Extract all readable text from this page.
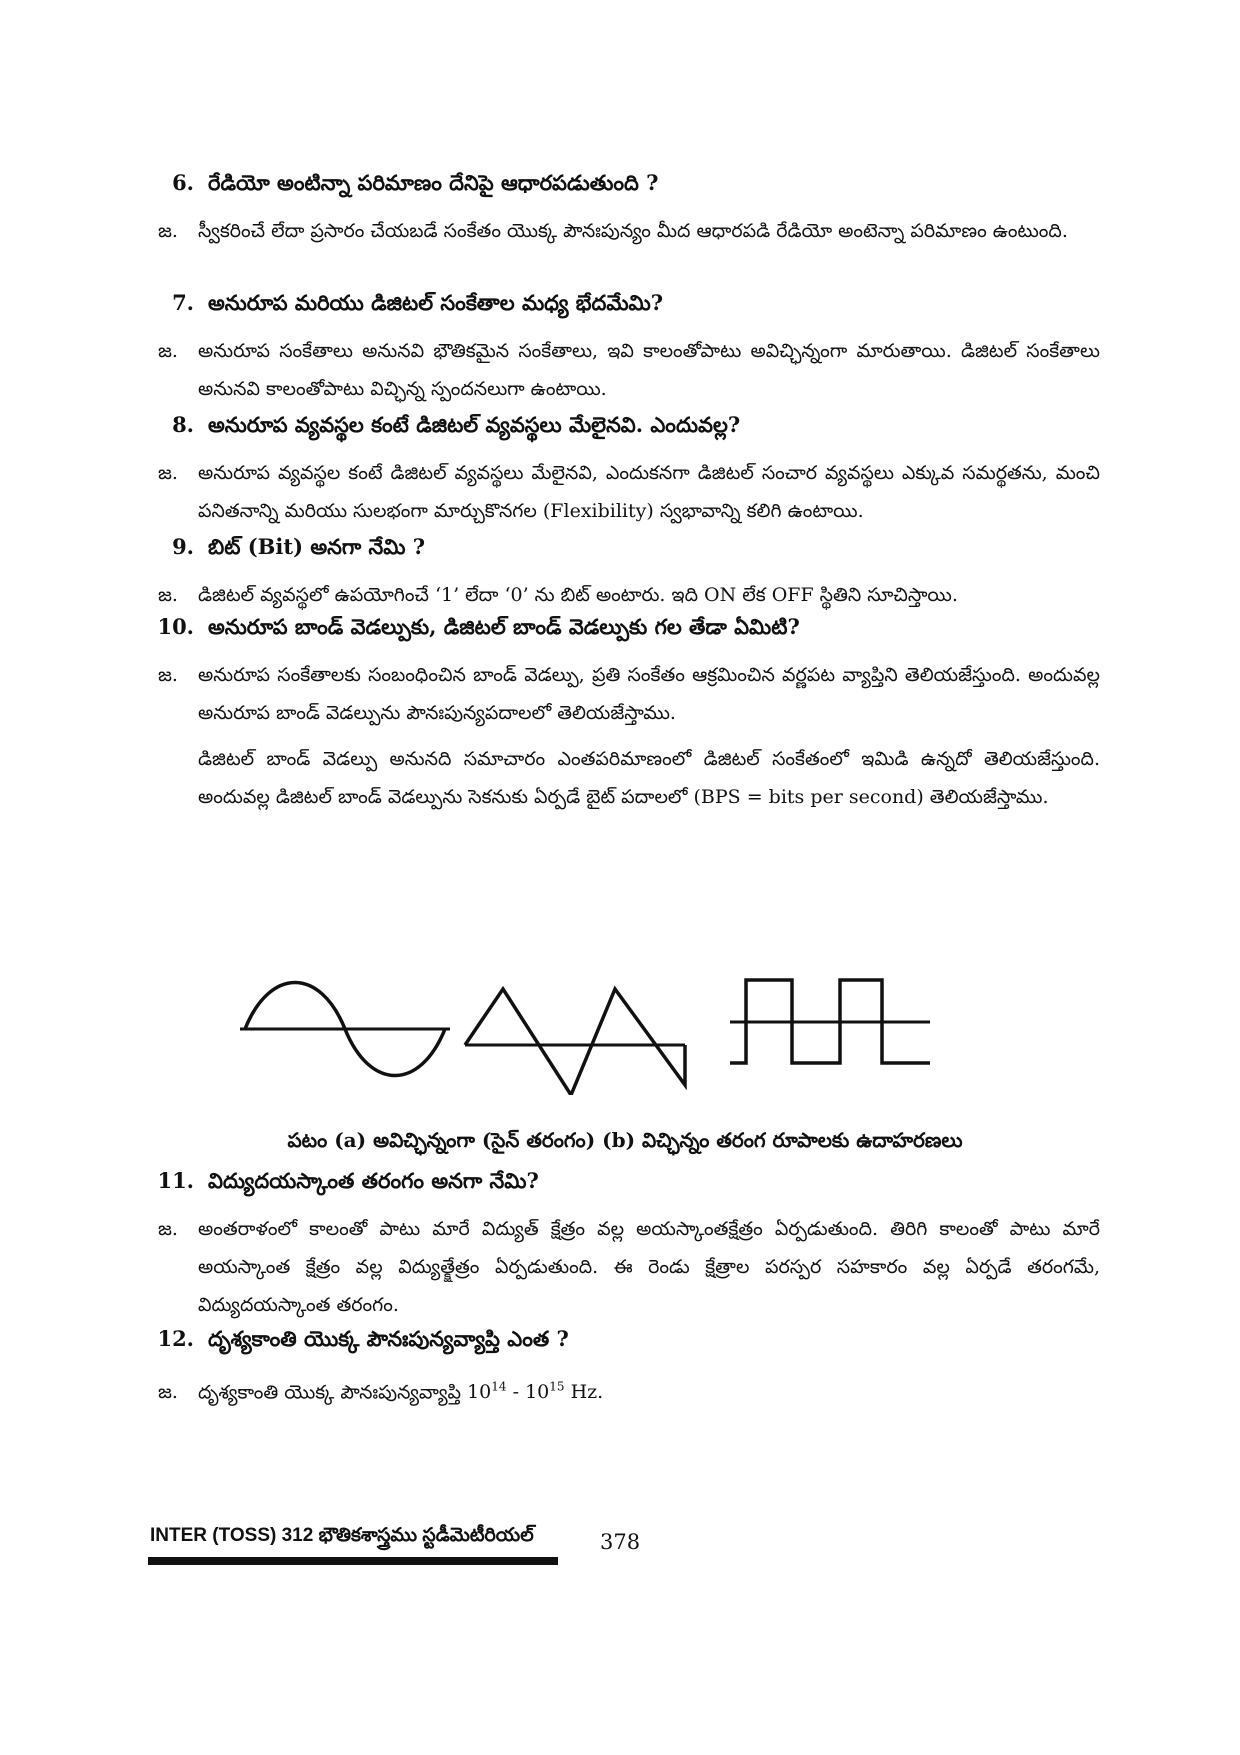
6. రేడియో అంటిన్నా పరిమాణం దేనిపై ఆధారపడుతుంది ?
జ.	స్వీకరించే లేదా ప్రసారం చేయబడే సంకేతం యొక్క పౌనఃపున్యం మీద ఆధారపడి రేడియో అంటెన్నా పరిమాణం ఉంటుంది.
7. అనురూప మరియు డిజిటల్ సంకేతాల మధ్య భేదమేమి?
జ.	అనురూప సంకేతాలు అనునవి భౌతికమైన సంకేతాలు, ఇవి కాలంతోపాటు అవిచ్ఛిన్నంగా మారుతాయి. డిజిటల్ సంకేతాలు అనునవి కాలంతోపాటు విచ్ఛిన్న స్పందనలుగా ఉంటాయి.
8. అనురూప వ్యవస్థల కంటే డిజిటల్ వ్యవస్థలు మేలైనవి. ఎందువల్ల?
జ.	అనురూప వ్యవస్థల కంటే డిజిటల్ వ్యవస్థలు మేలైనవి, ఎందుకనగా డిజిటల్ సంచార వ్యవస్థలు ఎక్కువ సమర్థతను, మంచి పనితనాన్ని మరియు సులభంగా మార్చుకొనగల (Flexibility) స్వభావాన్ని కలిగి ఉంటాయి.
9. బిట్ (Bit) అనగా నేమి ?
జ.	డిజిటల్ వ్యవస్థలో ఉపయోగించే ‘1’ లేదా ‘0’ ను బిట్ అంటారు. ఇది ON లేక OFF స్థితిని సూచిస్తాయి.
10. అనురూప బాండ్ వెడల్పుకు, డిజిటల్ బాండ్ వెడల్పుకు గల తేడా ఏమిటి?
జ.	అనురూప సంకేతాలకు సంబంధించిన బాండ్ వెడల్పు, ప్రతి సంకేతం ఆక్రమించిన వర్ణపట వ్యాప్తిని తెలియజేస్తుంది. అందువల్ల అనురూప బాండ్ వెడల్పును పౌనఃపున్యపదాలలో తెలియజేస్తాము.
డిజిటల్ బాండ్ వెడల్పు అనునది సమాచారం ఎంతపరిమాణంలో డిజిటల్ సంకేతంలో ఇమిడి ఉన్నదో తెలియజేస్తుంది. అందువల్ల డిజిటల్ బాండ్ వెడల్పును సెకనుకు ఏర్పడే బైట్ పదాలలో (BPS = bits per second) తెలియజేస్తాము.
పటం (a) అవిచ్ఛిన్నంగా (సైన్ తరంగం) (b) విచ్ఛిన్నం తరంగ రూపాలకు ఉదాహరణలు
11. విద్యుదయస్కాంత తరంగం అనగా నేమి?
జ.	అంతరాళంలో కాలంతో పాటు మారే విద్యుత్ క్షేత్రం వల్ల అయస్కాంతక్షేత్రం ఏర్పడుతుంది. తిరిగి కాలంతో పాటు మారే అయస్కాంత క్షేత్రం వల్ల విద్యుత్క్షేత్రం ఏర్పడుతుంది. ఈ రెండు క్షేత్రాల పరస్పర సహకారం వల్ల ఏర్పడే తరంగమే, విద్యుదయస్కాంత తరంగం.
12. దృశ్యకాంతి యొక్క పౌనఃపున్యవ్యాప్తి ఎంత ?
జ.	దృశ్యకాంతి యొక్క పౌనఃపున్యవ్యాప్తి $10^{14} - 10^{15}$ Hz.
INTER (TOSS) 312 భౌతికశాస్త్రము స్టడీమెటీరియల్	378
